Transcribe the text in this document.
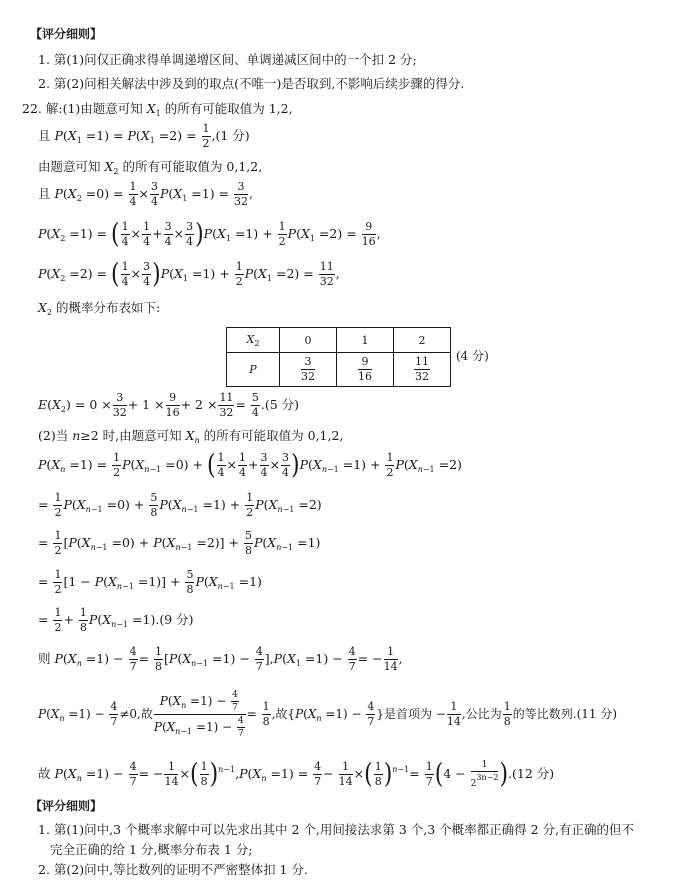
【评分细则】
1. 第(1)问仅正确求得单调递增区间、单调递减区间中的一个扣 2 分;
2. 第(2)问相关解法中涉及到的取点(不唯一)是否取到,不影响后续步骤的得分.
22. 解:(1)由题意可知 $X_1$ 的所有可能取值为 1,2,
且 $P(X_1 =1) = P(X_1 =2) = \frac{1}{2} ,(1$ 分)
由题意可知 $X_2$ 的所有可能取值为 0,1,2,
且 $P(X_2 =0) = \frac{1}{4} \times \frac{3}{4} P(X_1 =1) = \frac{3}{32}$ ,
$P(X_2 =1)$ = ( $\frac{1}{4} \times \frac{1}{4} + \frac{3}{4} \times \frac{3}{4} )P(X_1 =1) + \frac{1}{2} P(X_1 =2) = \frac{9}{16}$ ,
$P(X_2 =2)$ = ( $\frac{1}{4} \times \frac{3}{4} )P(X_1 =1) + \frac{1}{2} P(X_1 =2) = \frac{11}{32}$ ,
$X_2$ 的概率分布表如下:
$X_2$	0	1	2
P	$\frac{3}{32}$	$\frac{9}{16}$	$\frac{11}{32} (4$ 分)
$E(X_2) = 0 \times \frac{3}{32} + 1 \times \frac{9}{16} + 2 \times \frac{11}{32} = \frac{5}{4} .(5$ 分)
(2)当 n≥2 时,由题意可知 $X_n$ 的所有可能取值为 0,1,2,
$P(X_n =1) = \frac{1}{2} P(X_{n-1} =0)$ + ( $\frac{1}{4} \times \frac{1}{4} + \frac{3}{4} \times \frac{3}{4} )P(X_{n-1} =1) + \frac{1}{2} P(X_{n-1} =2)$
= $\frac{1}{2} P(X_{n-1} =0) + \frac{5}{8} P(X_{n-1} =1) + \frac{1}{2} P(X_{n-1} =2)$
= $\frac{1}{2} [P(X_{n-1} =0) + P(X_{n-1} =2)] + \frac{5}{8} P(X_{n-1} =1)$
= $\frac{1}{2} [1 - P(X_{n-1} =1)] + \frac{5}{8} P(X_{n-1} =1)$
= $\frac{1}{2} + \frac{1}{8} P(X_{n-1} =1).(9$ 分)
则 $P(X_n =1) - \frac{4}{7} = \frac{1}{8} [P(X_{n-1} =1) - \frac{4}{7} ],P(X_1 =1) - \frac{4}{7}$ = − $\frac{1}{14}$ ,
$P(X_n =1) - \frac{4}{7} \ne 0$,故 $\frac{P(X_n =1) - \frac{4}{7}}{P(X_{n-1} =1) - \frac{4}{7}} = \frac{1}{8}$ ,故{$P(X_n =1) - \frac{4}{7}$ }是首项为 − $\frac{1}{14}$ ,公比为 $\frac{1}{8}$ 的等比数列.(11 分)
故 $P(X_n =1) - \frac{4}{7}$ = − $\frac{1}{14}$ ×( $\frac{1}{8} )^{n-1},P(X_n =1) = \frac{4}{7} - \frac{1}{14}$ ×( $\frac{1}{8} )^{n-1}= \frac{1}{7} (4 - \frac{1}{2^{3n-2}} ).(12$ 分)
【评分细则】
1. 第(1)问中,3 个概率求解中可以先求出其中 2 个,用间接法求第 3 个,3 个概率都正确得 2 分,有正确的但不
完全正确的给 1 分,概率分布表 1 分;
2. 第(2)问中,等比数列的证明不严密整体扣 1 分.
